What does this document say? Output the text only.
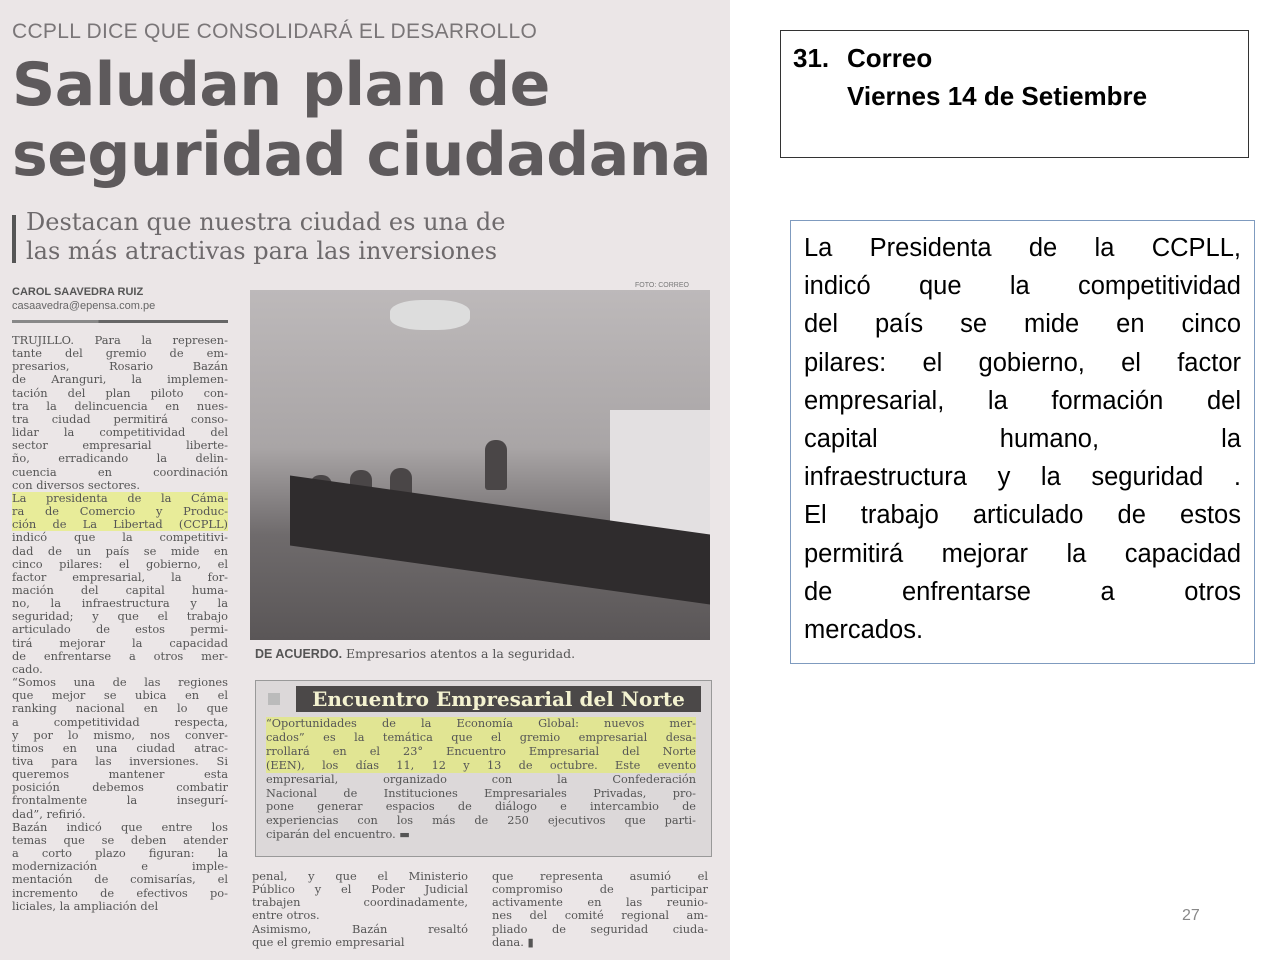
CCPLL DICE QUE CONSOLIDARÁ EL DESARROLLO
Saludan plan de
seguridad ciudadana
Destacan que nuestra ciudad es una de
las más atractivas para las inversiones
CAROL SAAVEDRA RUIZ
casaavedra@epensa.com.pe
TRUJILLO. Para la represen-
tante del gremio de em-
presarios, Rosario Bazán
de Aranguri, la implemen-
tación del plan piloto con-
tra la delincuencia en nues-
tra ciudad permitirá conso-
lidar la competitividad del
sector empresarial liberte-
ño, erradicando la delin-
cuencia en coordinación
con diversos sectores.
La presidenta de la Cáma-
ra de Comercio y Produc-
ción de La Libertad (CCPLL)
indicó que la competitivi-
dad de un país se mide en
cinco pilares: el gobierno, el
factor empresarial, la for-
mación del capital huma-
no, la infraestructura y la
seguridad; y que el trabajo
articulado de estos permi-
tirá mejorar la capacidad
de enfrentarse a otros mer-
cado.
“Somos una de las regiones
que mejor se ubica en el
ranking nacional en lo que
a competitividad respecta,
y por lo mismo, nos conver-
timos en una ciudad atrac-
tiva para las inversiones. Si
queremos mantener esta
posición debemos combatir
frontalmente la insegurí-
dad”, refirió.
Bazán indicó que entre los
temas que se deben atender
a corto plazo figuran: la
modernización e imple-
mentación de comisarías, el
incremento de efectivos po-
liciales, la ampliación del
FOTO: CORREO
DE ACUERDO. Empresarios atentos a la seguridad.
Encuentro Empresarial del Norte
“Oportunidades de la Economía Global: nuevos mer-
cados” es la temática que el gremio empresarial desa-
rrollará en el 23° Encuentro Empresarial del Norte
(EEN), los días 11, 12 y 13 de octubre. Este evento
empresarial, organizado con la Confederación
Nacional de Instituciones Empresariales Privadas, pro-
pone generar espacios de diálogo e intercambio de
experiencias con los más de 250 ejecutivos que parti-
ciparán del encuentro. ▬
penal, y que el Ministerio
Público y el Poder Judicial
trabajen coordinadamente,
entre otros.
Asimismo, Bazán resaltó
que el gremio empresarial
que representa asumió el
compromiso de participar
activamente en las reunio-
nes del comité regional am-
pliado de seguridad ciuda-
dana. ▮
31. Correo
Viernes 14 de Setiembre
La Presidenta de la CCPLL,
indicó que la competitividad
del país se mide en cinco
pilares: el gobierno, el factor
empresarial, la formación del
capital humano, la
infraestructura y la seguridad .
El trabajo articulado de estos
permitirá mejorar la capacidad
de enfrentarse a otros
mercados.
27
